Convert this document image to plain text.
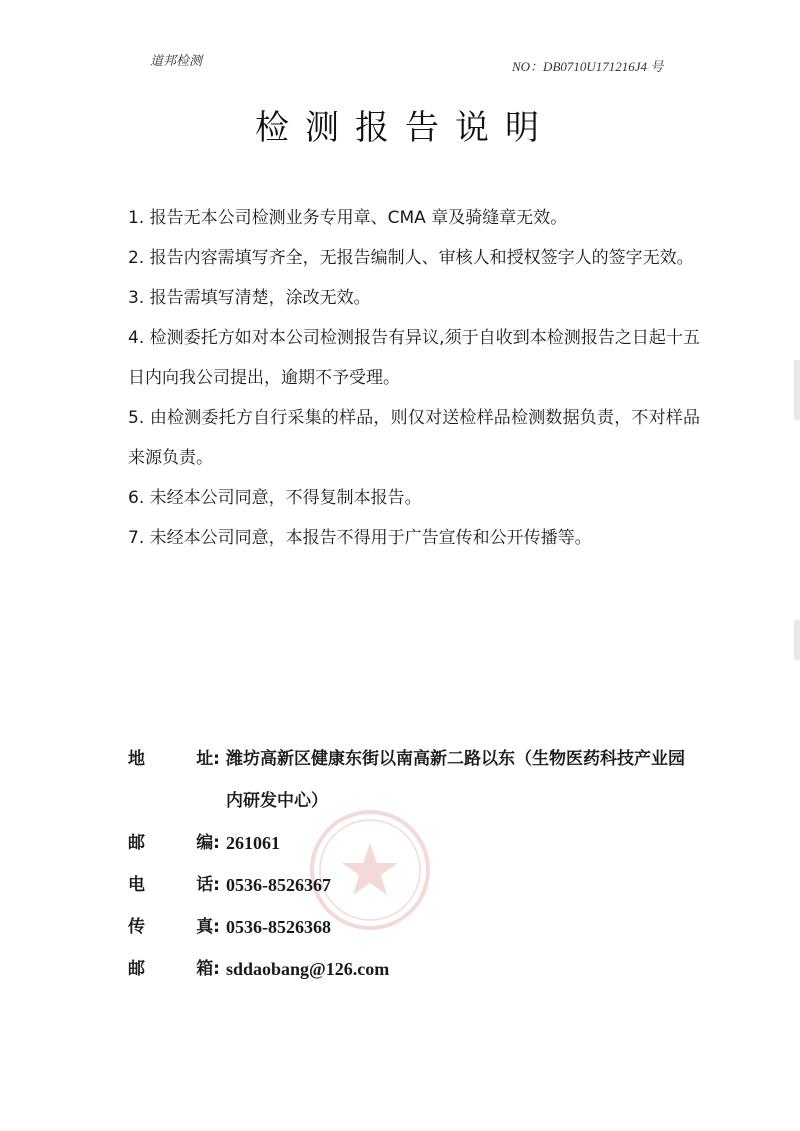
道邦检测	NO：DB0710U171216J4 号
检测报告说明

1. 报告无本公司检测业务专用章、CMA 章及骑缝章无效。

2. 报告内容需填写齐全，无报告编制人、审核人和授权签字人的签字无效。

3. 报告需填写清楚，涂改无效。

4. 检测委托方如对本公司检测报告有异议,须于自收到本检测报告之日起十五日内向我公司提出，逾期不予受理。

5. 由检测委托方自行采集的样品，则仅对送检样品检测数据负责，不对样品来源负责。

6. 未经本公司同意，不得复制本报告。

7. 未经本公司同意，本报告不得用于广告宣传和公开传播等。

地	址: 潍坊高新区健康东街以南高新二路以东（生物医药科技产业园内研发中心）
邮	编: 261061
电	话: 0536-8526367
传	真: 0536-8526368
邮	箱: sddaobang@126.com
